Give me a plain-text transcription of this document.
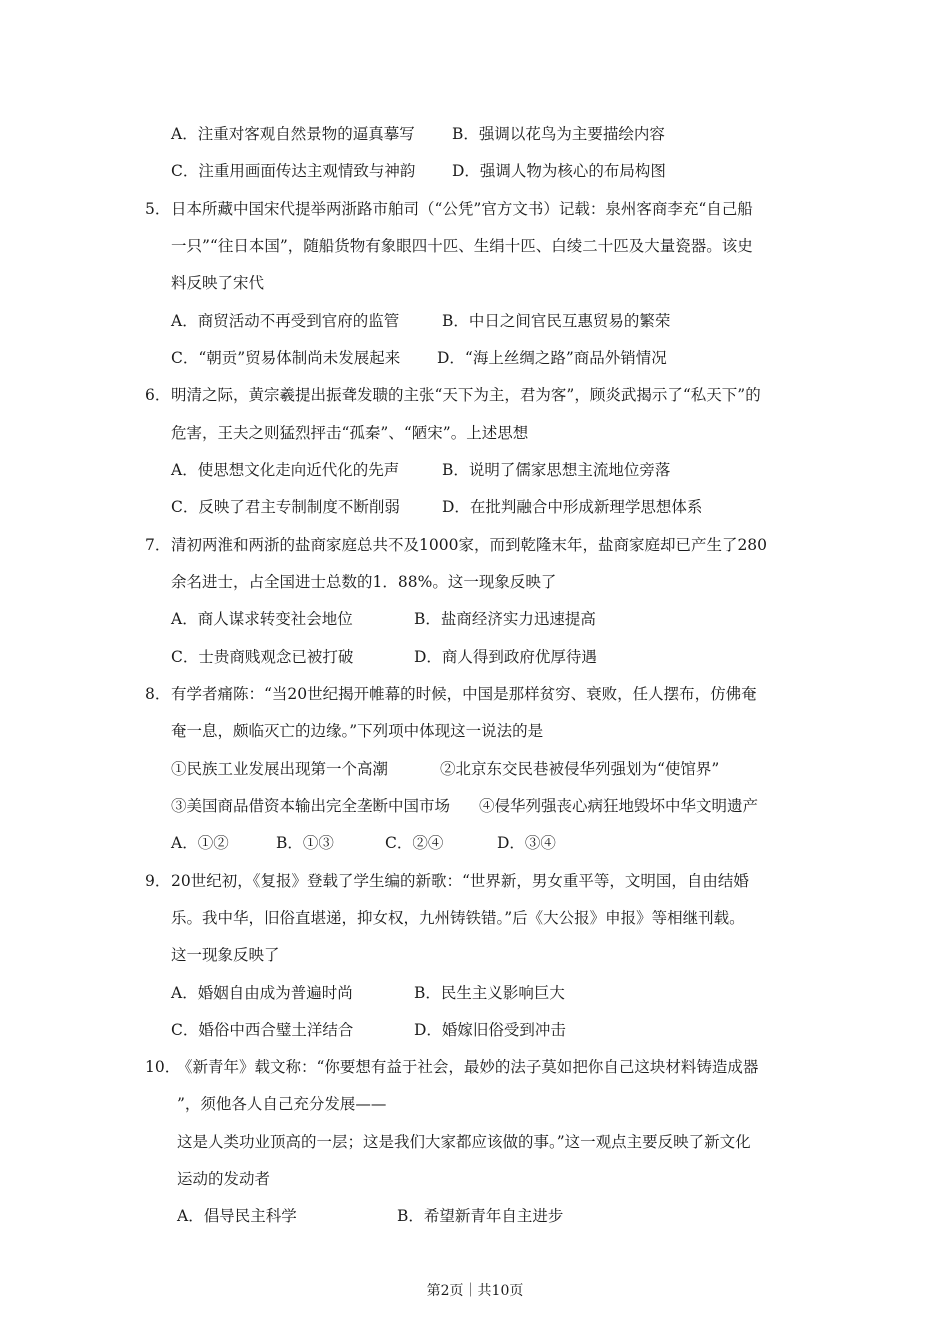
A．注重对客观自然景物的逼真摹写 B．强调以花鸟为主要描绘内容
C．注重用画面传达主观情致与神韵 D．强调人物为核心的布局构图
5． 日本所藏中国宋代提举两浙路市舶司（“公凭”官方文书）记载：泉州客商李充“自己船
一只”“往日本国”，随船货物有象眼四十匹、生绢十匹、白绫二十匹及大量瓷器。该史
料反映了宋代
A．商贸活动不再受到官府的监管	B．中日之间官民互惠贸易的繁荣
C．“朝贡”贸易体制尚未发展起来 D．“海上丝绸之路”商品外销情况
6． 明清之际，黄宗羲提出振聋发聩的主张“天下为主，君为客”，顾炎武揭示了“私天下”的
危害，王夫之则猛烈抨击“孤秦”、“陋宋”。上述思想
A．使思想文化走向近代化的先声	B．说明了儒家思想主流地位旁落
C．反映了君主专制制度不断削弱	D．在批判融合中形成新理学思想体系
7． 清初两淮和两浙的盐商家庭总共不及1000家，而到乾隆末年，盐商家庭却已产生了280
余名进士，占全国进士总数的1．88%。这一现象反映了
A．商人谋求转变社会地位	B．盐商经济实力迅速提高
C．士贵商贱观念已被打破	D．商人得到政府优厚待遇
8． 有学者痛陈：“当20世纪揭开帷幕的时候，中国是那样贫穷、衰败，任人摆布，仿佛奄
奄一息，颇临灭亡的边缘。”下列项中体现这一说法的是
①民族工业发展出现第一个高潮	②北京东交民巷被侵华列强划为“使馆界”
③美国商品借资本输出完全垄断中国市场 ④侵华列强丧心病狂地毁坏中华文明遗产
A．①②	B．①③	C．②④	D．③④
9． 20世纪初，《复报》登载了学生编的新歌：“世界新，男女重平等，文明国，自由结婚
乐。我中华，旧俗直堪递，抑女权，九州铸铁错。”后《大公报》申报》等相继刊载。
这一现象反映了
A．婚姻自由成为普遍时尚	B．民生主义影响巨大
C．婚俗中西合璧土洋结合	D．婚嫁旧俗受到冲击
10．
《新青年》载文称：“你要想有益于社会，最妙的法子莫如把你自己这块材料铸造成器
”，须他各人自己充分发展——
这是人类功业顶高的一层；这是我们大家都应该做的事。”这一观点主要反映了新文化
运动的发动者
A．倡导民主科学	B．希望新青年自主进步
第2页｜共10页
